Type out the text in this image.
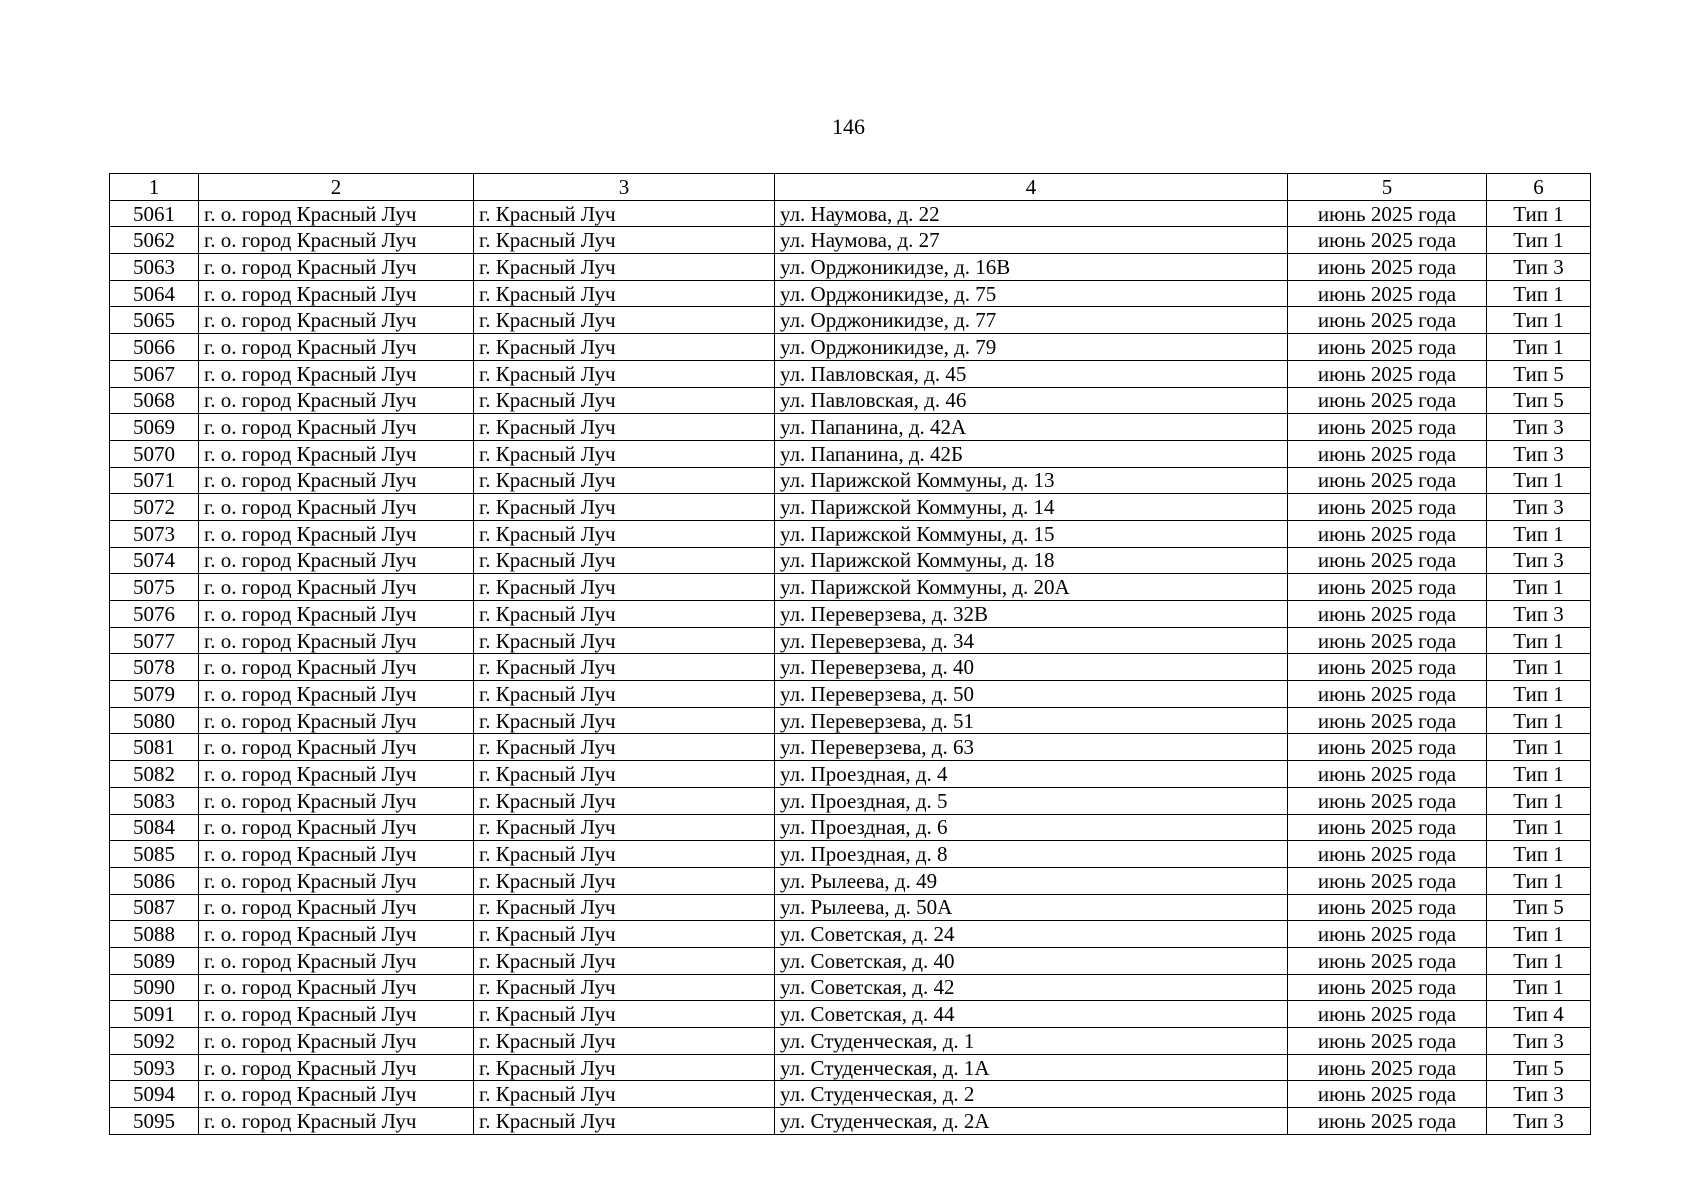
146
1	2	3	4	5	6
5061	г. о. город Красный Луч	г. Красный Луч	ул. Наумова, д. 22	июнь 2025 года	Тип 1
5062	г. о. город Красный Луч	г. Красный Луч	ул. Наумова, д. 27	июнь 2025 года	Тип 1
5063	г. о. город Красный Луч	г. Красный Луч	ул. Орджоникидзе, д. 16В	июнь 2025 года	Тип 3
5064	г. о. город Красный Луч	г. Красный Луч	ул. Орджоникидзе, д. 75	июнь 2025 года	Тип 1
5065	г. о. город Красный Луч	г. Красный Луч	ул. Орджоникидзе, д. 77	июнь 2025 года	Тип 1
5066	г. о. город Красный Луч	г. Красный Луч	ул. Орджоникидзе, д. 79	июнь 2025 года	Тип 1
5067	г. о. город Красный Луч	г. Красный Луч	ул. Павловская, д. 45	июнь 2025 года	Тип 5
5068	г. о. город Красный Луч	г. Красный Луч	ул. Павловская, д. 46	июнь 2025 года	Тип 5
5069	г. о. город Красный Луч	г. Красный Луч	ул. Папанина, д. 42А	июнь 2025 года	Тип 3
5070	г. о. город Красный Луч	г. Красный Луч	ул. Папанина, д. 42Б	июнь 2025 года	Тип 3
5071	г. о. город Красный Луч	г. Красный Луч	ул. Парижской Коммуны, д. 13	июнь 2025 года	Тип 1
5072	г. о. город Красный Луч	г. Красный Луч	ул. Парижской Коммуны, д. 14	июнь 2025 года	Тип 3
5073	г. о. город Красный Луч	г. Красный Луч	ул. Парижской Коммуны, д. 15	июнь 2025 года	Тип 1
5074	г. о. город Красный Луч	г. Красный Луч	ул. Парижской Коммуны, д. 18	июнь 2025 года	Тип 3
5075	г. о. город Красный Луч	г. Красный Луч	ул. Парижской Коммуны, д. 20А	июнь 2025 года	Тип 1
5076	г. о. город Красный Луч	г. Красный Луч	ул. Переверзева, д. 32В	июнь 2025 года	Тип 3
5077	г. о. город Красный Луч	г. Красный Луч	ул. Переверзева, д. 34	июнь 2025 года	Тип 1
5078	г. о. город Красный Луч	г. Красный Луч	ул. Переверзева, д. 40	июнь 2025 года	Тип 1
5079	г. о. город Красный Луч	г. Красный Луч	ул. Переверзева, д. 50	июнь 2025 года	Тип 1
5080	г. о. город Красный Луч	г. Красный Луч	ул. Переверзева, д. 51	июнь 2025 года	Тип 1
5081	г. о. город Красный Луч	г. Красный Луч	ул. Переверзева, д. 63	июнь 2025 года	Тип 1
5082	г. о. город Красный Луч	г. Красный Луч	ул. Проездная, д. 4	июнь 2025 года	Тип 1
5083	г. о. город Красный Луч	г. Красный Луч	ул. Проездная, д. 5	июнь 2025 года	Тип 1
5084	г. о. город Красный Луч	г. Красный Луч	ул. Проездная, д. 6	июнь 2025 года	Тип 1
5085	г. о. город Красный Луч	г. Красный Луч	ул. Проездная, д. 8	июнь 2025 года	Тип 1
5086	г. о. город Красный Луч	г. Красный Луч	ул. Рылеева, д. 49	июнь 2025 года	Тип 1
5087	г. о. город Красный Луч	г. Красный Луч	ул. Рылеева, д. 50А	июнь 2025 года	Тип 5
5088	г. о. город Красный Луч	г. Красный Луч	ул. Советская, д. 24	июнь 2025 года	Тип 1
5089	г. о. город Красный Луч	г. Красный Луч	ул. Советская, д. 40	июнь 2025 года	Тип 1
5090	г. о. город Красный Луч	г. Красный Луч	ул. Советская, д. 42	июнь 2025 года	Тип 1
5091	г. о. город Красный Луч	г. Красный Луч	ул. Советская, д. 44	июнь 2025 года	Тип 4
5092	г. о. город Красный Луч	г. Красный Луч	ул. Студенческая, д. 1	июнь 2025 года	Тип 3
5093	г. о. город Красный Луч	г. Красный Луч	ул. Студенческая, д. 1А	июнь 2025 года	Тип 5
5094	г. о. город Красный Луч	г. Красный Луч	ул. Студенческая, д. 2	июнь 2025 года	Тип 3
5095	г. о. город Красный Луч	г. Красный Луч	ул. Студенческая, д. 2А	июнь 2025 года	Тип 3
